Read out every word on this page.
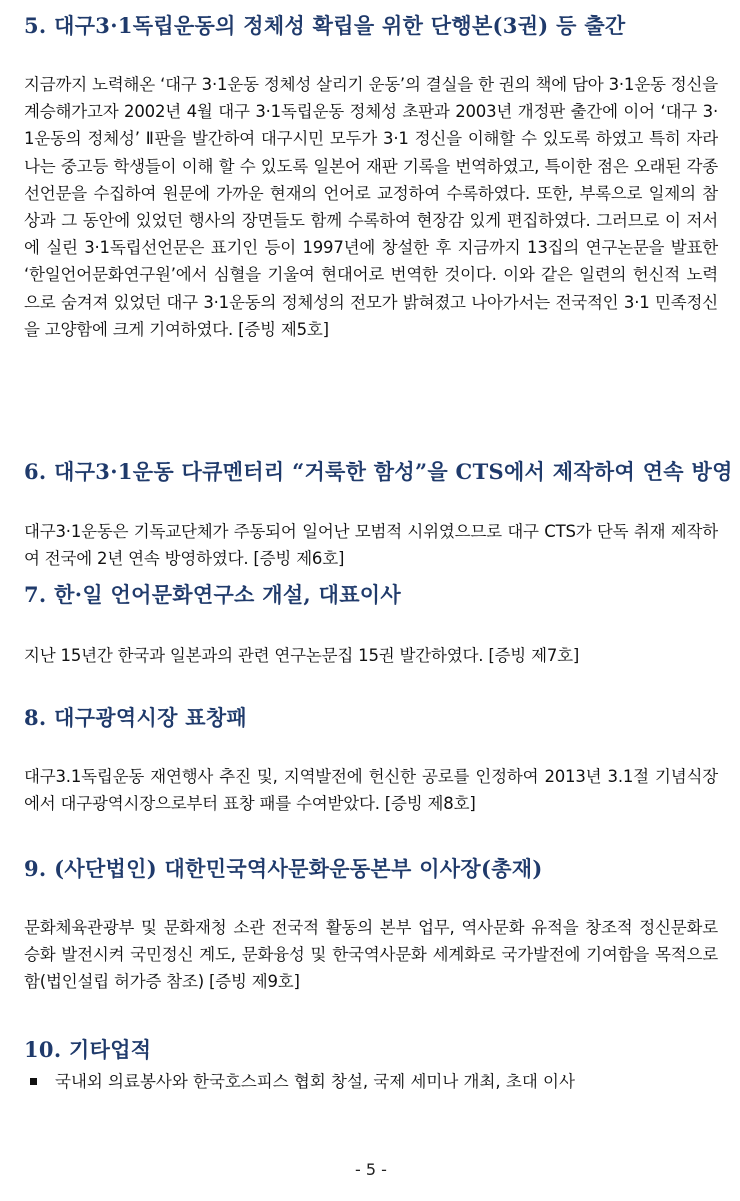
5. 대구3·1독립운동의 정체성 확립을 위한 단행본(3권) 등 출간
지금까지 노력해온 ‘대구 3·1운동 정체성 살리기 운동’의 결실을 한 권의 책에 담아 3·1운동 정신을 계승해가고자 2002년 4월 대구 3·1독립운동 정체성 초판과 2003년 개정판 출간에 이어 ‘대구 3·1운동의 정체성’ Ⅱ판을 발간하여 대구시민 모두가 3·1 정신을 이해할 수 있도록 하였고 특히 자라나는 중고등 학생들이 이해 할 수 있도록 일본어 재판 기록을 번역하였고, 특이한 점은 오래된 각종 선언문을 수집하여 원문에 가까운 현재의 언어로 교정하여 수록하였다. 또한, 부록으로 일제의 참상과 그 동안에 있었던 행사의 장면들도 함께 수록하여 현장감 있게 편집하였다. 그러므로 이 저서에 실린 3·1독립선언문은 표기인 등이 1997년에 창설한 후 지금까지 13집의 연구논문을 발표한 ‘한일언어문화연구원’에서 심혈을 기울여 현대어로 번역한 것이다. 이와 같은 일련의 헌신적 노력으로 숨겨져 있었던 대구 3·1운동의 정체성의 전모가 밝혀졌고 나아가서는 전국적인 3·1 민족정신을 고양함에 크게 기여하였다. [증빙 제5호]
6. 대구3·1운동 다큐멘터리 “거룩한 함성”을 CTS에서 제작하여 연속 방영
대구3·1운동은 기독교단체가 주동되어 일어난 모범적 시위였으므로 대구 CTS가 단독 취재 제작하여 전국에 2년 연속 방영하였다. [증빙 제6호]
7. 한·일 언어문화연구소 개설, 대표이사
지난 15년간 한국과 일본과의 관련 연구논문집 15권 발간하였다. [증빙 제7호]
8. 대구광역시장 표창패
대구3.1독립운동 재연행사 추진 및, 지역발전에 헌신한 공로를 인정하여 2013년 3.1절 기념식장에서 대구광역시장으로부터 표창 패를 수여받았다. [증빙 제8호]
9. (사단법인) 대한민국역사문화운동본부 이사장(총재)
문화체육관광부 및 문화재청 소관 전국적 활동의 본부 업무, 역사문화 유적을 창조적 정신문화로 승화 발전시켜 국민정신 계도, 문화융성 및 한국역사문화 세계화로 국가발전에 기여함을 목적으로 함(법인설립 허가증 참조) [증빙 제9호]
10. 기타업적
국내외 의료봉사와 한국호스피스 협회 창설, 국제 세미나 개최, 초대 이사
- 5 -
